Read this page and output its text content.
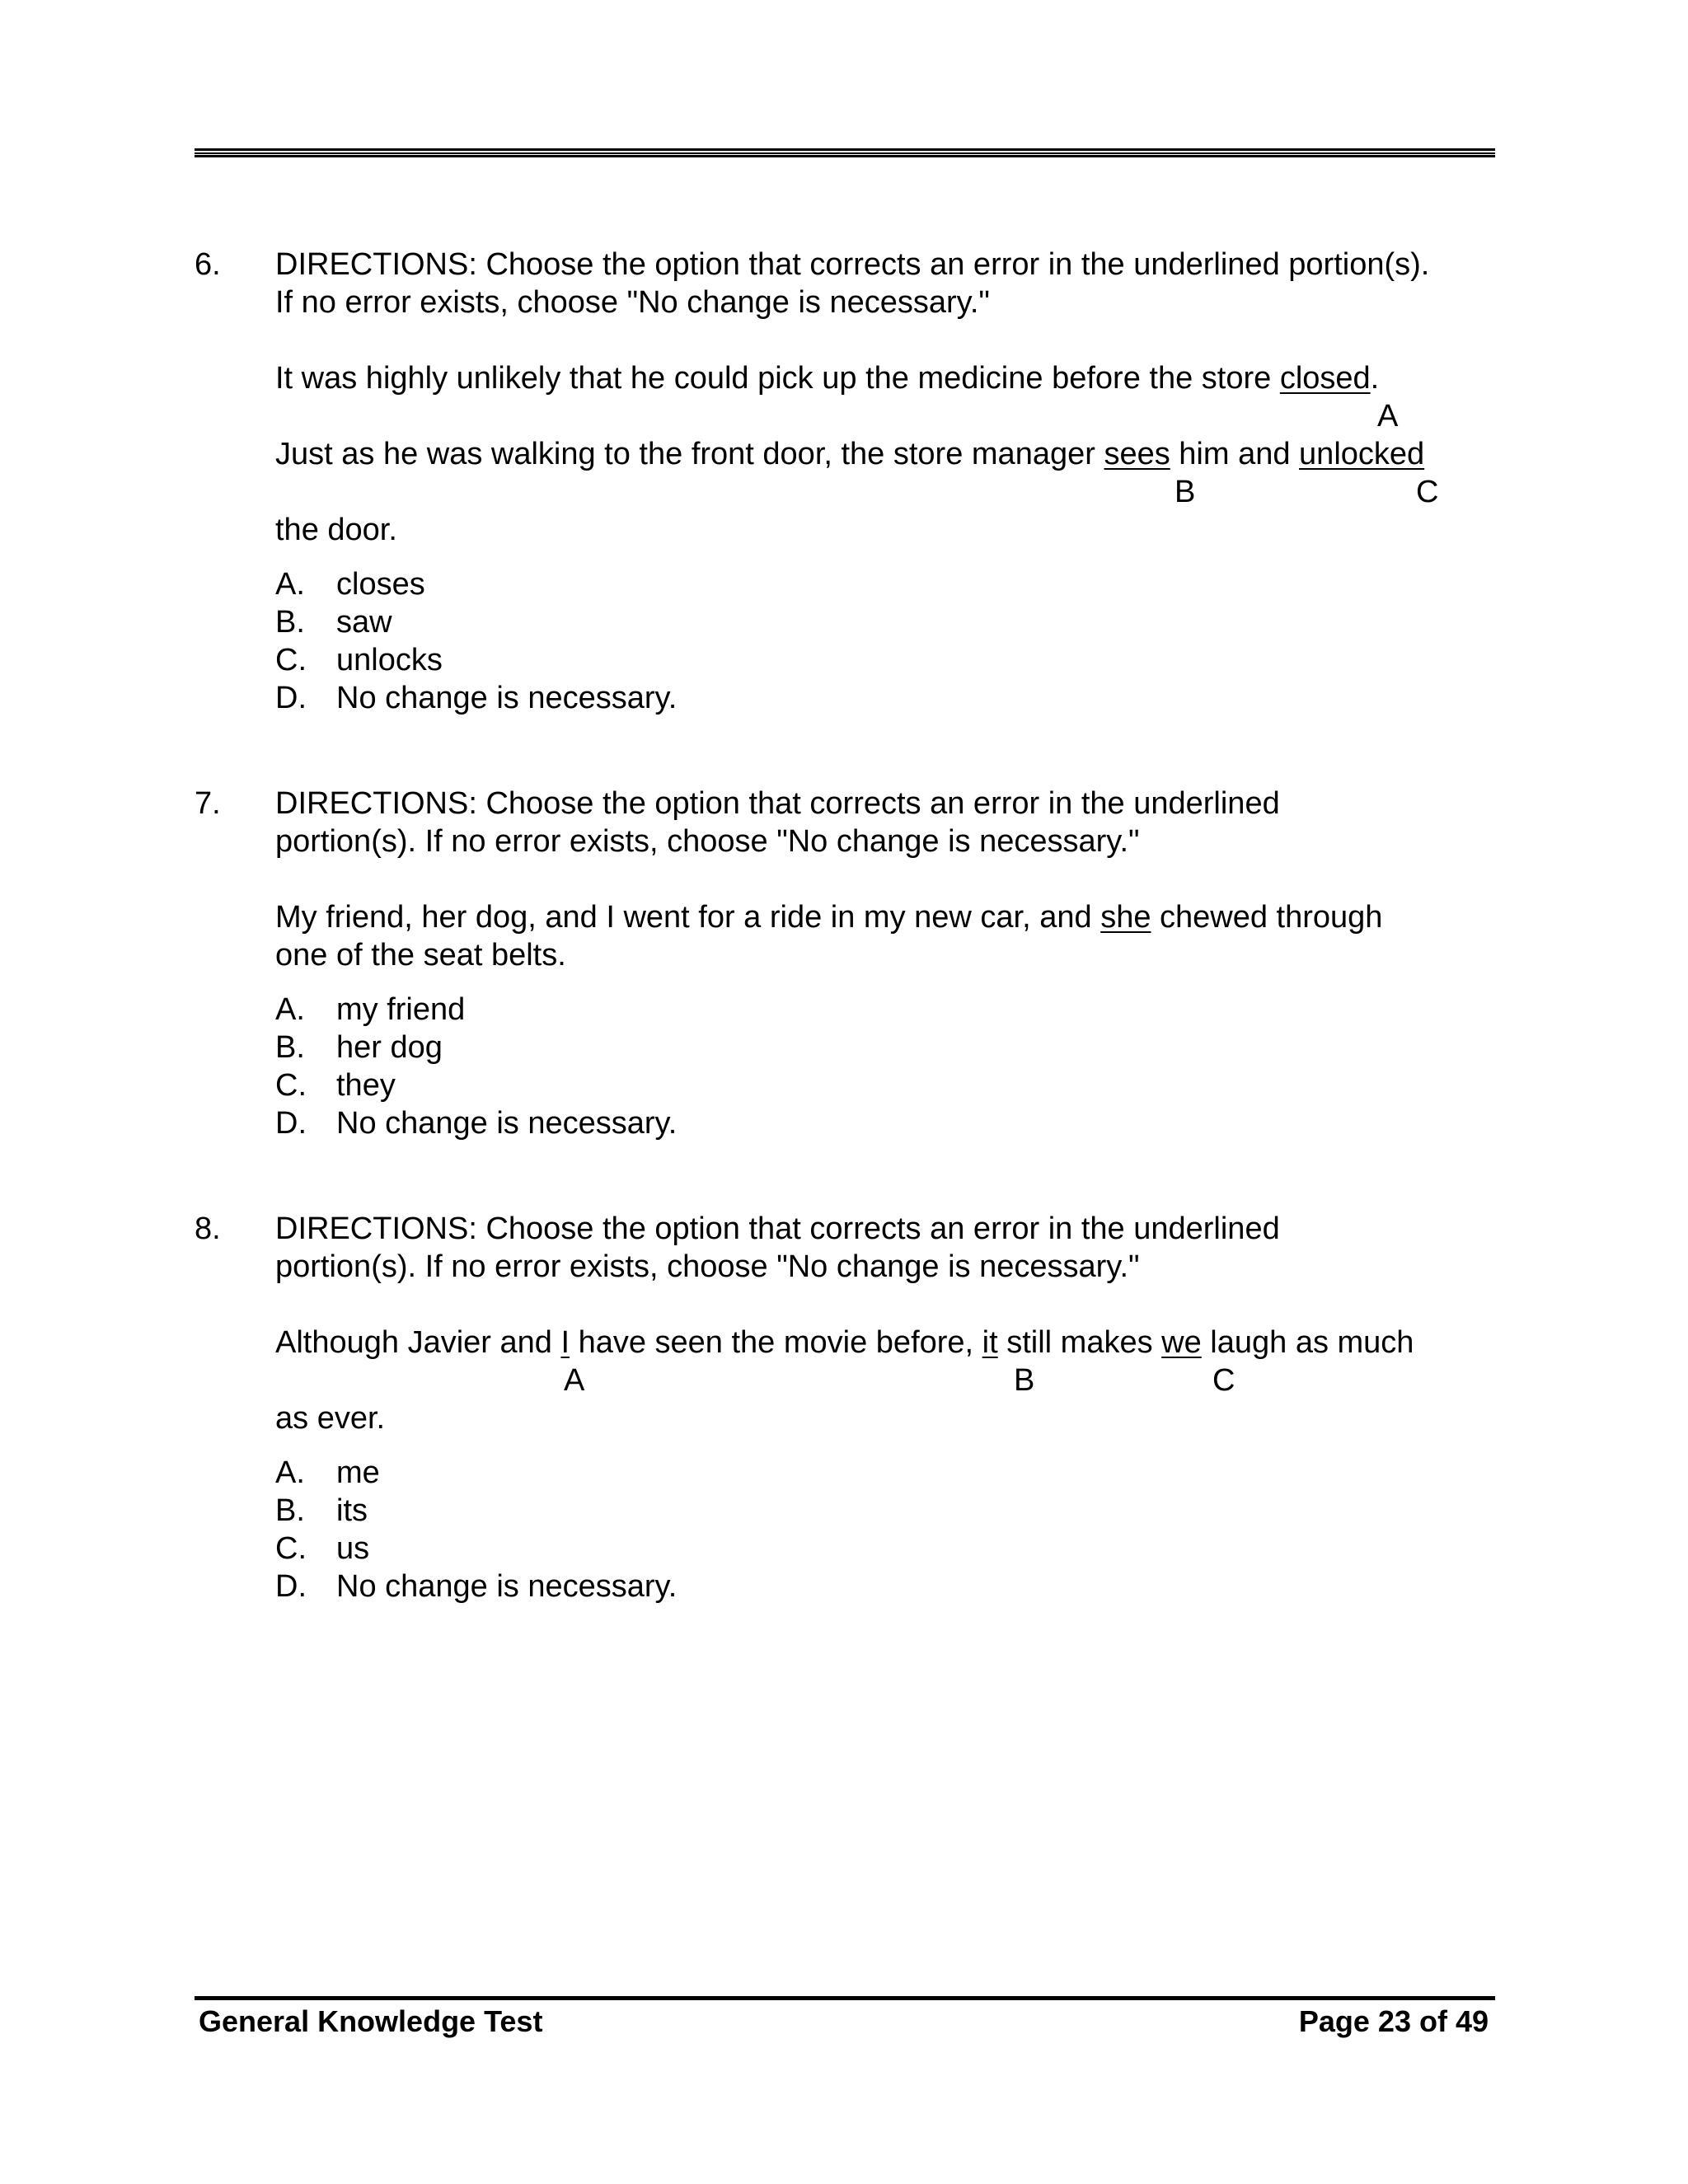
6. DIRECTIONS: Choose the option that corrects an error in the underlined portion(s).
If no error exists, choose "No change is necessary."
It was highly unlikely that he could pick up the medicine before the store closed.
A
Just as he was walking to the front door, the store manager sees him and unlocked
B	C
the door.
A. closes
B. saw
C. unlocks
D. No change is necessary.
7. DIRECTIONS: Choose the option that corrects an error in the underlined
portion(s). If no error exists, choose "No change is necessary."
My friend, her dog, and I went for a ride in my new car, and she chewed through
one of the seat belts.
A. my friend
B. her dog
C. they
D. No change is necessary.
8. DIRECTIONS: Choose the option that corrects an error in the underlined
portion(s). If no error exists, choose "No change is necessary."
Although Javier and I have seen the movie before, it still makes we laugh as much
A	B	C
as ever.
A. me
B. its
C. us
D. No change is necessary.
General Knowledge Test	Page 23 of 49
